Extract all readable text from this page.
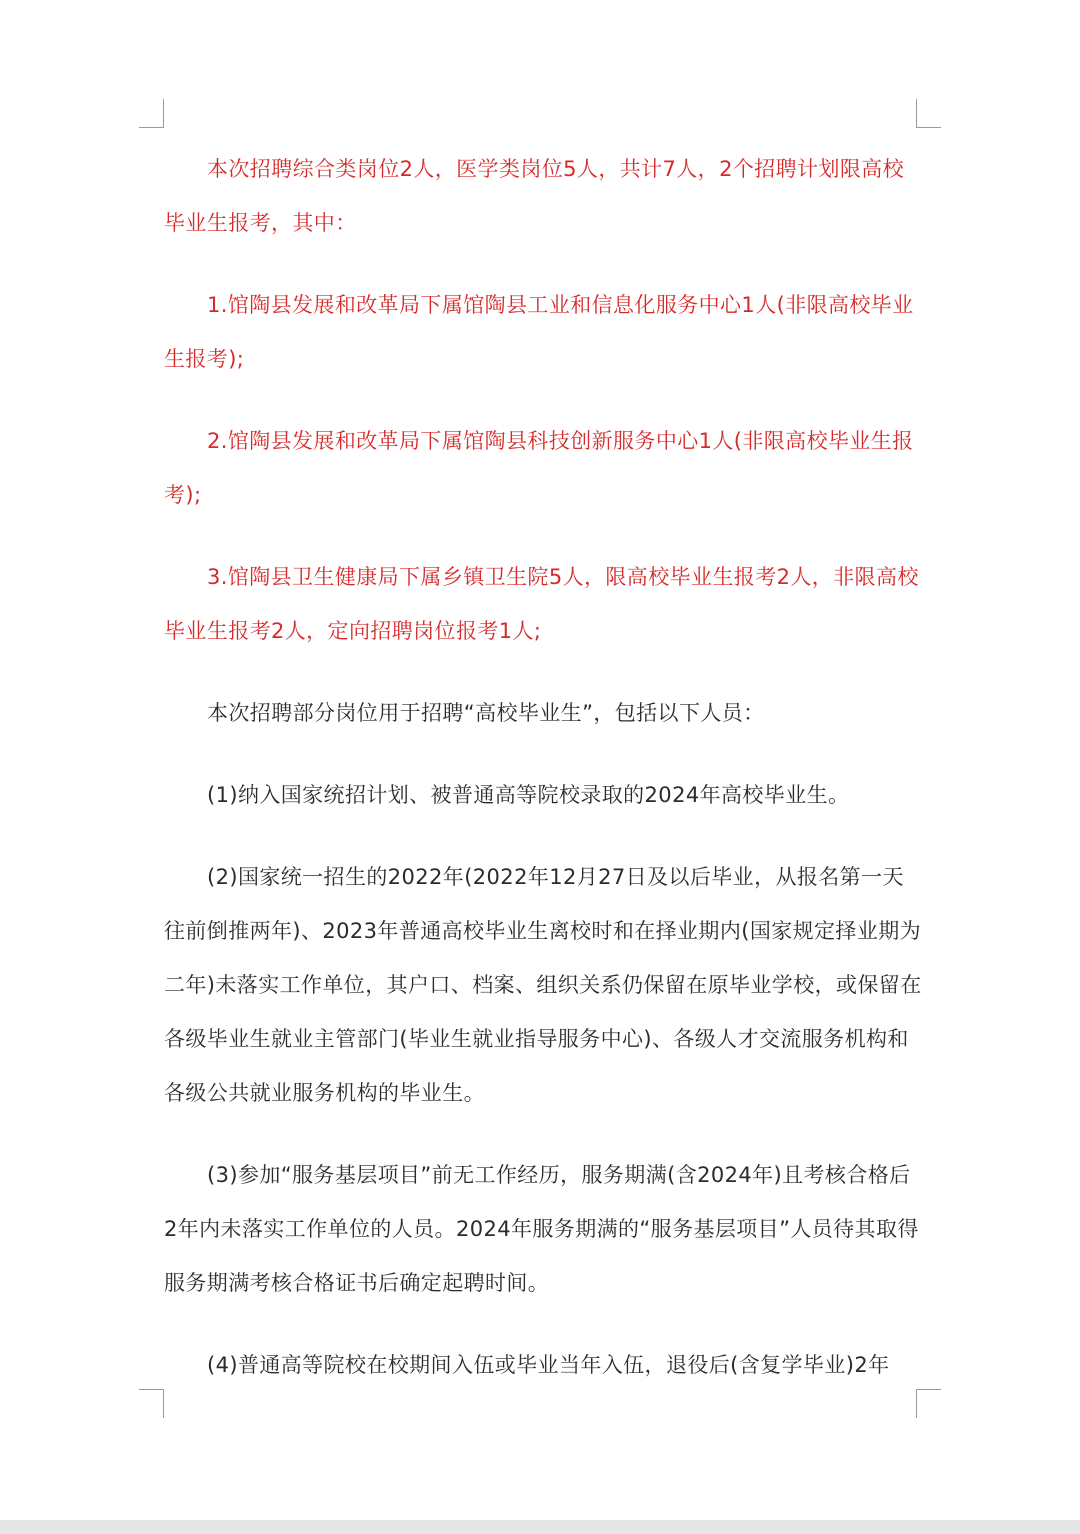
本次招聘综合类岗位2人，医学类岗位5人，共计7人，2个招聘计划限高校毕业生报考，其中：

1.馆陶县发展和改革局下属馆陶县工业和信息化服务中心1人(非限高校毕业生报考);

2.馆陶县发展和改革局下属馆陶县科技创新服务中心1人(非限高校毕业生报考);

3.馆陶县卫生健康局下属乡镇卫生院5人，限高校毕业生报考2人，非限高校毕业生报考2人，定向招聘岗位报考1人;

本次招聘部分岗位用于招聘“高校毕业生”，包括以下人员：

(1)纳入国家统招计划、被普通高等院校录取的2024年高校毕业生。

(2)国家统一招生的2022年(2022年12月27日及以后毕业，从报名第一天往前倒推两年)、2023年普通高校毕业生离校时和在择业期内(国家规定择业期为二年)未落实工作单位，其户口、档案、组织关系仍保留在原毕业学校，或保留在各级毕业生就业主管部门(毕业生就业指导服务中心)、各级人才交流服务机构和各级公共就业服务机构的毕业生。

(3)参加“服务基层项目”前无工作经历，服务期满(含2024年)且考核合格后2年内未落实工作单位的人员。2024年服务期满的“服务基层项目”人员待其取得服务期满考核合格证书后确定起聘时间。

(4)普通高等院校在校期间入伍或毕业当年入伍，退役后(含复学毕业)2年
